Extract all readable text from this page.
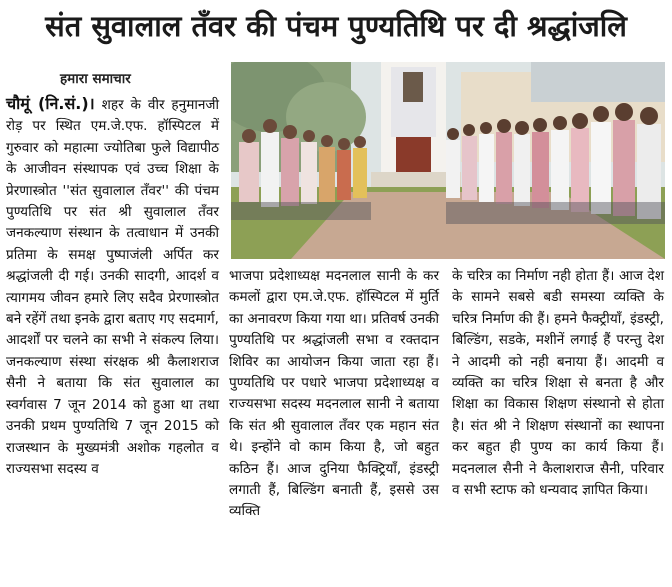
संत सुवालाल तँवर की पंचम पुण्यतिथि पर दी श्रद्धांजलि
हमारा समाचार

चौमूं (नि.सं.)। शहर के वीर हनुमानजी रोड़ पर स्थित एम.जे.एफ. हॉस्पिटल में गुरुवार को महात्मा ज्योतिबा फुले विद्यापीठ के आजीवन संस्थापक एवं उच्च शिक्षा के प्रेरणास्त्रोत ''संत सुवालाल तँवर'' की पंचम पुण्यतिथि पर संत श्री सुवालाल तँवर जनकल्याण संस्थान के तत्वाधान में उनकी प्रतिमा के समक्ष पुष्पाजंली अर्पित कर श्रद्धांजली दी गई। उनकी सादगी, आदर्श व त्यागमय जीवन हमारे लिए सदैव प्रेरणास्त्रोत बने रहेंगें तथा इनके द्वारा बताए गए सदमार्ग, आदर्शों पर चलने का सभी ने संकल्प लिया। जनकल्याण संस्था संरक्षक श्री कैलाशराज सैनी ने बताया कि संत सुवालाल का स्वर्गवास 7 जून 2014 को हुआ था तथा उनकी प्रथम पुण्यतिथि 7 जून 2015 को राजस्थान के मुख्यमंत्री अशोक गहलोत व राज्यसभा सदस्य व

भाजपा प्रदेशाध्यक्ष मदनलाल सानी के कर कमलों द्वारा एम.जे.एफ. हॉस्पिटल में मुर्ति का अनावरण किया गया था। प्रतिवर्ष उनकी पुण्यतिथि पर श्रद्धांजली सभा व रक्तदान शिविर का आयोजन किया जाता रहा हैं। पुण्यतिथि पर पधारे भाजपा प्रदेशाध्यक्ष व राज्यसभा सदस्य मदनलाल सानी ने बताया कि संत श्री सुवालाल तँवर एक महान संत थे। इन्होंने वो काम किया है, जो बहुत कठिन हैं। आज दुनिया फैक्ट्रियाँ, इंडस्ट्री लगाती हैं, बिल्डिंग बनाती हैं, इससे उस व्यक्ति

के चरित्र का निर्माण नही होता हैं। आज देश के सामने सबसे बडी समस्या व्यक्ति के चरित्र निर्माण की हैं। हमने फैक्ट्रीयाँ, इंडस्ट्री, बिल्डिंग, सडके, मशीनें लगाई हैं परन्तु देश ने आदमी को नही बनाया हैं। आदमी व व्यक्ति का चरित्र शिक्षा से बनता है और शिक्षा का विकास शिक्षण संस्थानो से होता है। संत श्री ने शिक्षण संस्थानों का स्थापना कर बहुत ही पुण्य का कार्य किया हैं। मदनलाल सैनी ने कैलाशराज सैनी, परिवार व सभी स्टाफ को धन्यवाद ज्ञापित किया।
